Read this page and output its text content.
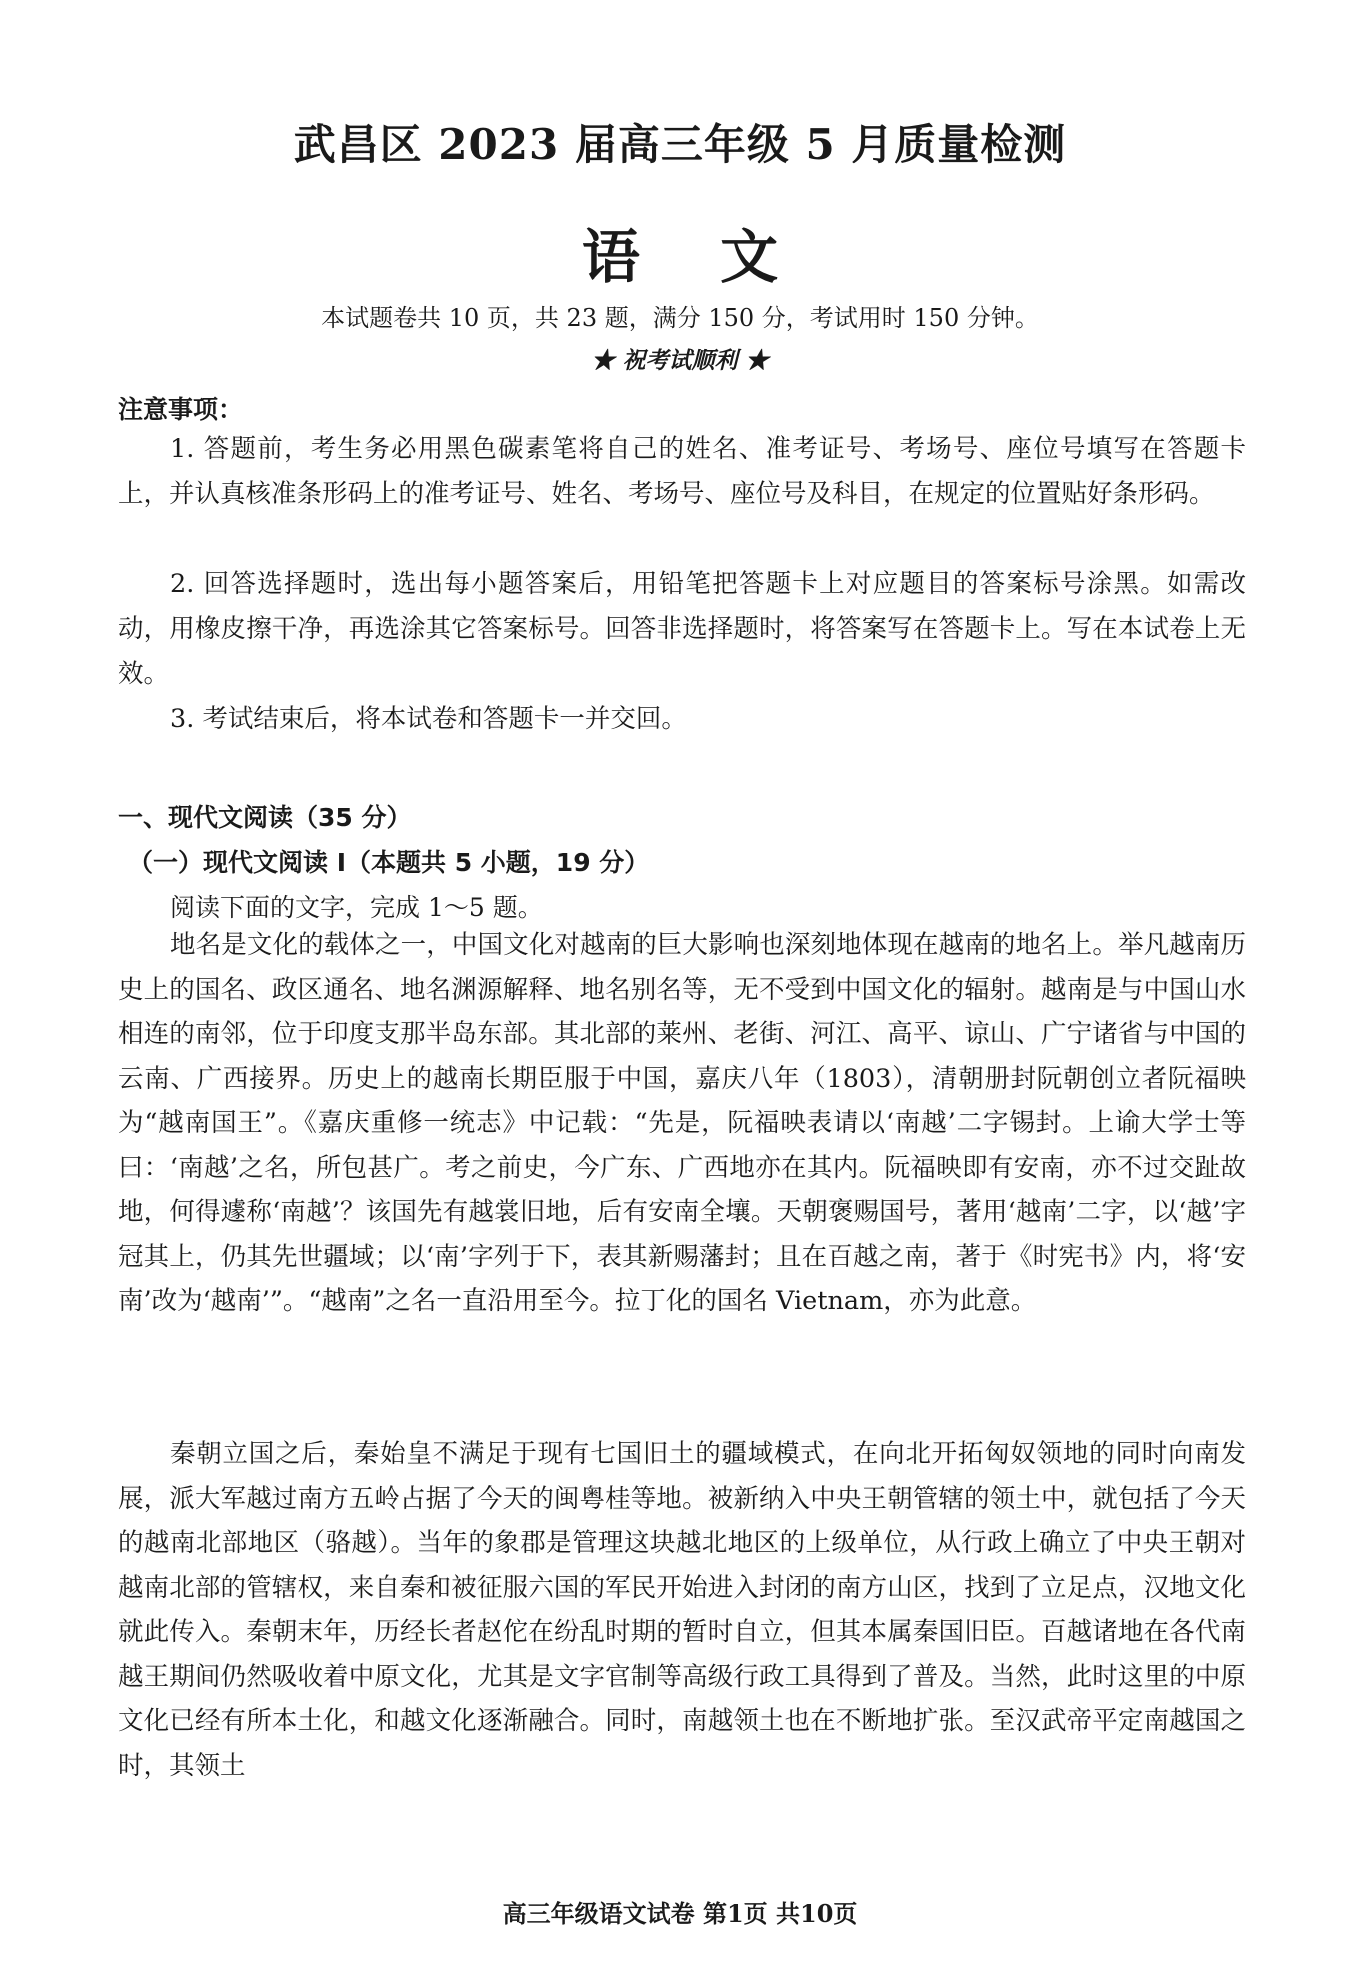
武昌区 2023 届高三年级 5 月质量检测
语 文
本试题卷共 10 页，共 23 题，满分 150 分，考试用时 150 分钟。
★ 祝考试顺利 ★
注意事项：

1. 答题前，考生务必用黑色碳素笔将自己的姓名、准考证号、考场号、座位号填写在答题卡上，并认真核准条形码上的准考证号、姓名、考场号、座位号及科目，在规定的位置贴好条形码。

2. 回答选择题时，选出每小题答案后，用铅笔把答题卡上对应题目的答案标号涂黑。如需改动，用橡皮擦干净，再选涂其它答案标号。回答非选择题时，将答案写在答题卡上。写在本试卷上无效。

3. 考试结束后，将本试卷和答题卡一并交回。

一、现代文阅读（35 分）
（一）现代文阅读 I（本题共 5 小题，19 分）
阅读下面的文字，完成 1～5 题。

地名是文化的载体之一，中国文化对越南的巨大影响也深刻地体现在越南的地名上。举凡越南历史上的国名、政区通名、地名渊源解释、地名别名等，无不受到中国文化的辐射。越南是与中国山水相连的南邻，位于印度支那半岛东部。其北部的莱州、老街、河江、高平、谅山、广宁诸省与中国的云南、广西接界。历史上的越南长期臣服于中国，嘉庆八年（1803），清朝册封阮朝创立者阮福映为“越南国王”。《嘉庆重修一统志》中记载：“先是，阮福映表请以‘南越’二字锡封。上谕大学士等曰：‘南越’之名，所包甚广。考之前史，今广东、广西地亦在其内。阮福映即有安南，亦不过交趾故地，何得遽称‘南越’？该国先有越裳旧地，后有安南全壤。天朝褒赐国号，著用‘越南’二字，以‘越’字冠其上，仍其先世疆域；以‘南’字列于下，表其新赐藩封；且在百越之南，著于《时宪书》内，将‘安南’改为‘越南’”。“越南”之名一直沿用至今。拉丁化的国名 Vietnam，亦为此意。

秦朝立国之后，秦始皇不满足于现有七国旧土的疆域模式，在向北开拓匈奴领地的同时向南发展，派大军越过南方五岭占据了今天的闽粤桂等地。被新纳入中央王朝管辖的领土中，就包括了今天的越南北部地区（骆越）。当年的象郡是管理这块越北地区的上级单位，从行政上确立了中央王朝对越南北部的管辖权，来自秦和被征服六国的军民开始进入封闭的南方山区，找到了立足点，汉地文化就此传入。秦朝末年，历经长者赵佗在纷乱时期的暂时自立，但其本属秦国旧臣。百越诸地在各代南越王期间仍然吸收着中原文化，尤其是文字官制等高级行政工具得到了普及。当然，此时这里的中原文化已经有所本土化，和越文化逐渐融合。同时，南越领土也在不断地扩张。至汉武帝平定南越国之时，其领土

高三年级语文试卷 第1页 共10页
